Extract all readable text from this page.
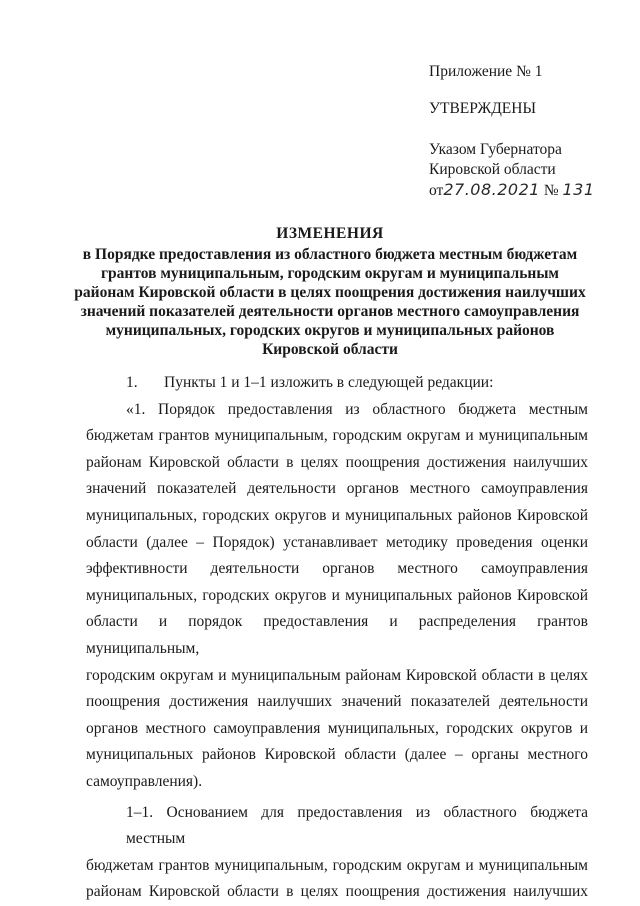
Приложение № 1
УТВЕРЖДЕНЫ
Указом Губернатора
Кировской области
от27.08.2021 № 131
ИЗМЕНЕНИЯ
в Порядке предоставления из областного бюджета местным бюджетам
грантов муниципальным, городским округам и муниципальным
районам Кировской области в целях поощрения достижения наилучших
значений показателей деятельности органов местного самоуправления
муниципальных, городских округов и муниципальных районов
Кировской области
1. Пункты 1 и 1–1 изложить в следующей редакции:
«1. Порядок предоставления из областного бюджета местным
бюджетам грантов муниципальным, городским округам и муниципальным
районам Кировской области в целях поощрения достижения наилучших
значений показателей деятельности органов местного самоуправления
муниципальных, городских округов и муниципальных районов Кировской
области (далее – Порядок) устанавливает методику проведения оценки
эффективности деятельности органов местного самоуправления
муниципальных, городских округов и муниципальных районов Кировской
области и порядок предоставления и распределения грантов муниципальным,
городским округам и муниципальным районам Кировской области в целях
поощрения достижения наилучших значений показателей деятельности
органов местного самоуправления муниципальных, городских округов и
муниципальных районов Кировской области (далее – органы местного
самоуправления).
1–1. Основанием для предоставления из областного бюджета местным
бюджетам грантов муниципальным, городским округам и муниципальным
районам Кировской области в целях поощрения достижения наилучших
